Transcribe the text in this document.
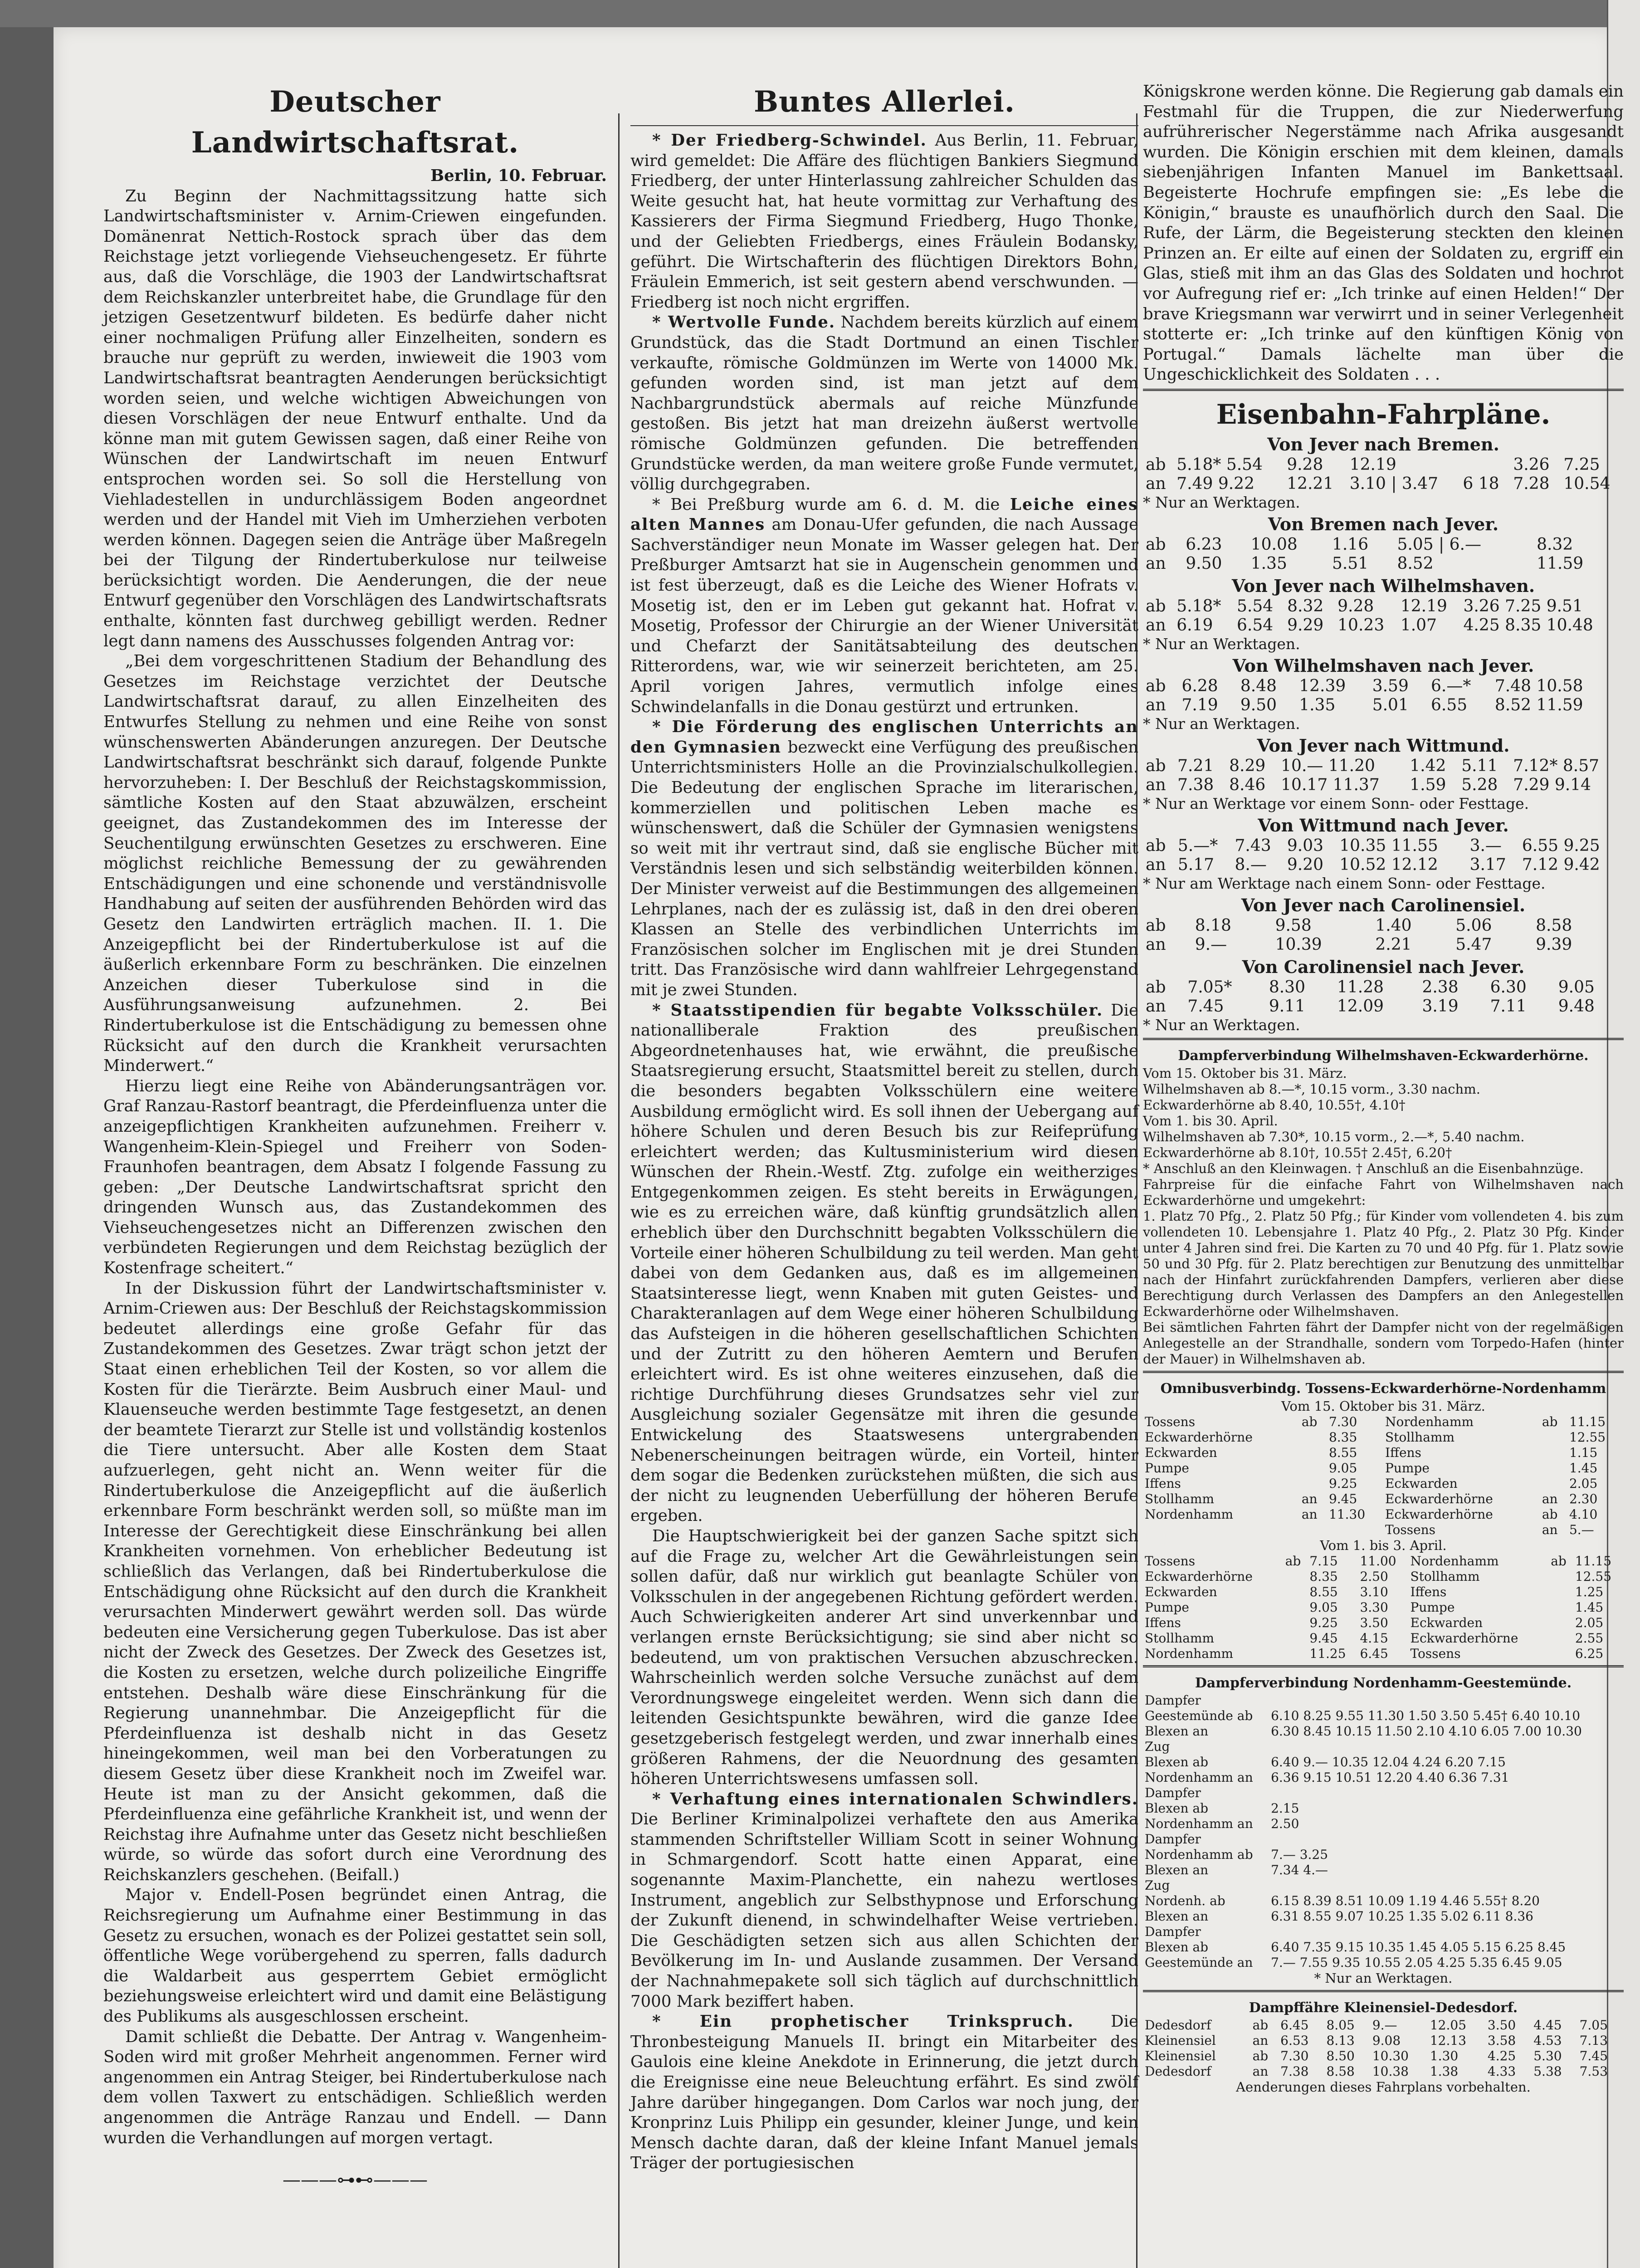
Deutscher Landwirtschaftsrat.

Berlin, 10. Februar.

Zu Beginn der Nachmittagssitzung hatte sich Landwirtschaftsminister v. Arnim-Criewen eingefunden. Domänenrat Nettich-Rostock sprach über das dem Reichstage jetzt vorliegende Viehseuchengesetz. Er führte aus, daß die Vorschläge, die 1903 der Landwirtschaftsrat dem Reichskanzler unterbreitet habe, die Grundlage für den jetzigen Gesetzentwurf bildeten. Es bedürfe daher nicht einer nochmaligen Prüfung aller Einzelheiten, sondern es brauche nur geprüft zu werden, inwieweit die 1903 vom Landwirtschaftsrat beantragten Aenderungen berücksichtigt worden seien, und welche wichtigen Abweichungen von diesen Vorschlägen der neue Entwurf enthalte. Und da könne man mit gutem Gewissen sagen, daß einer Reihe von Wünschen der Landwirtschaft im neuen Entwurf entsprochen worden sei. So soll die Herstellung von Viehladestellen in undurchlässigem Boden angeordnet werden und der Handel mit Vieh im Umherziehen verboten werden können. Dagegen seien die Anträge über Maßregeln bei der Tilgung der Rindertuberkulose nur teilweise berücksichtigt worden. Die Aenderungen, die der neue Entwurf gegenüber den Vorschlägen des Landwirtschaftsrats enthalte, könnten fast durchweg gebilligt werden. Redner legt dann namens des Ausschusses folgenden Antrag vor:

„Bei dem vorgeschrittenen Stadium der Behandlung des Gesetzes im Reichstage verzichtet der Deutsche Landwirtschaftsrat darauf, zu allen Einzelheiten des Entwurfes Stellung zu nehmen und eine Reihe von sonst wünschenswerten Abänderungen anzuregen. Der Deutsche Landwirtschaftsrat beschränkt sich darauf, folgende Punkte hervorzuheben: I. Der Beschluß der Reichstagskommission, sämtliche Kosten auf den Staat abzuwälzen, erscheint geeignet, das Zustandekommen des im Interesse der Seuchentilgung erwünschten Gesetzes zu erschweren. Eine möglichst reichliche Bemessung der zu gewährenden Entschädigungen und eine schonende und verständnisvolle Handhabung auf seiten der ausführenden Behörden wird das Gesetz den Landwirten erträglich machen. II. 1. Die Anzeigepflicht bei der Rindertuberkulose ist auf die äußerlich erkennbare Form zu beschränken. Die einzelnen Anzeichen dieser Tuberkulose sind in die Ausführungsanweisung aufzunehmen. 2. Bei Rindertuberkulose ist die Entschädigung zu bemessen ohne Rücksicht auf den durch die Krankheit verursachten Minderwert.“

Hierzu liegt eine Reihe von Abänderungsanträgen vor. Graf Ranzau-Rastorf beantragt, die Pferdeinfluenza unter die anzeigepflichtigen Krankheiten aufzunehmen. Freiherr v. Wangenheim-Klein-Spiegel und Freiherr von Soden-Fraunhofen beantragen, dem Absatz I folgende Fassung zu geben: „Der Deutsche Landwirtschaftsrat spricht den dringenden Wunsch aus, das Zustandekommen des Viehseuchengesetzes nicht an Differenzen zwischen den verbündeten Regierungen und dem Reichstag bezüglich der Kostenfrage scheitert.“

In der Diskussion führt der Landwirtschaftsminister v. Arnim-Criewen aus: Der Beschluß der Reichstagskommission bedeutet allerdings eine große Gefahr für das Zustandekommen des Gesetzes. Zwar trägt schon jetzt der Staat einen erheblichen Teil der Kosten, so vor allem die Kosten für die Tierärzte. Beim Ausbruch einer Maul- und Klauenseuche werden bestimmte Tage festgesetzt, an denen der beamtete Tierarzt zur Stelle ist und vollständig kostenlos die Tiere untersucht. Aber alle Kosten dem Staat aufzuerlegen, geht nicht an. Wenn weiter für die Rindertuberkulose die Anzeigepflicht auf die äußerlich erkennbare Form beschränkt werden soll, so müßte man im Interesse der Gerechtigkeit diese Einschränkung bei allen Krankheiten vornehmen. Von erheblicher Bedeutung ist schließlich das Verlangen, daß bei Rindertuberkulose die Entschädigung ohne Rücksicht auf den durch die Krankheit verursachten Minderwert gewährt werden soll. Das würde bedeuten eine Versicherung gegen Tuberkulose. Das ist aber nicht der Zweck des Gesetzes. Der Zweck des Gesetzes ist, die Kosten zu ersetzen, welche durch polizeiliche Eingriffe entstehen. Deshalb wäre diese Einschränkung für die Regierung unannehmbar. Die Anzeigepflicht für die Pferdeinfluenza ist deshalb nicht in das Gesetz hineingekommen, weil man bei den Vorberatungen zu diesem Gesetz über diese Krankheit noch im Zweifel war. Heute ist man zu der Ansicht gekommen, daß die Pferdeinfluenza eine gefährliche Krankheit ist, und wenn der Reichstag ihre Aufnahme unter das Gesetz nicht beschließen würde, so würde das sofort durch eine Verordnung des Reichskanzlers geschehen. (Beifall.)

Major v. Endell-Posen begründet einen Antrag, die Reichsregierung um Aufnahme einer Bestimmung in das Gesetz zu ersuchen, wonach es der Polizei gestattet sein soll, öffentliche Wege vorübergehend zu sperren, falls dadurch die Waldarbeit aus gesperrtem Gebiet ermöglicht beziehungsweise erleichtert wird und damit eine Belästigung des Publikums als ausgeschlossen erscheint.

Damit schließt die Debatte. Der Antrag v. Wangenheim-Soden wird mit großer Mehrheit angenommen. Ferner wird angenommen ein Antrag Steiger, bei Rindertuberkulose nach dem vollen Taxwert zu entschädigen. Schließlich werden angenommen die Anträge Ranzau und Endell. — Dann wurden die Verhandlungen auf morgen vertagt.

———⊶⊷———
Buntes Allerlei.

* Der Friedberg-Schwindel. Aus Berlin, 11. Februar, wird gemeldet: Die Affäre des flüchtigen Bankiers Siegmund Friedberg, der unter Hinterlassung zahlreicher Schulden das Weite gesucht hat, hat heute vormittag zur Verhaftung des Kassierers der Firma Siegmund Friedberg, Hugo Thonke, und der Geliebten Friedbergs, eines Fräulein Bodansky, geführt. Die Wirtschafterin des flüchtigen Direktors Bohn, Fräulein Emmerich, ist seit gestern abend verschwunden. — Friedberg ist noch nicht ergriffen.

* Wertvolle Funde. Nachdem bereits kürzlich auf einem Grundstück, das die Stadt Dortmund an einen Tischler verkaufte, römische Goldmünzen im Werte von 14000 Mk. gefunden worden sind, ist man jetzt auf dem Nachbargrundstück abermals auf reiche Münzfunde gestoßen. Bis jetzt hat man dreizehn äußerst wertvolle römische Goldmünzen gefunden. Die betreffenden Grundstücke werden, da man weitere große Funde vermutet, völlig durchgegraben.

* Bei Preßburg wurde am 6. d. M. die Leiche eines alten Mannes am Donau-Ufer gefunden, die nach Aussage Sachverständiger neun Monate im Wasser gelegen hat. Der Preßburger Amtsarzt hat sie in Augenschein genommen und ist fest überzeugt, daß es die Leiche des Wiener Hofrats v. Mosetig ist, den er im Leben gut gekannt hat. Hofrat v. Mosetig, Professor der Chirurgie an der Wiener Universität und Chefarzt der Sanitätsabteilung des deutschen Ritterordens, war, wie wir seinerzeit berichteten, am 25. April vorigen Jahres, vermutlich infolge eines Schwindelanfalls in die Donau gestürzt und ertrunken.

* Die Förderung des englischen Unterrichts an den Gymnasien bezweckt eine Verfügung des preußischen Unterrichtsministers Holle an die Provinzialschulkollegien. Die Bedeutung der englischen Sprache im literarischen, kommerziellen und politischen Leben mache es wünschenswert, daß die Schüler der Gymnasien wenigstens so weit mit ihr vertraut sind, daß sie englische Bücher mit Verständnis lesen und sich selbständig weiterbilden können. Der Minister verweist auf die Bestimmungen des allgemeinen Lehrplanes, nach der es zulässig ist, daß in den drei oberen Klassen an Stelle des verbindlichen Unterrichts im Französischen solcher im Englischen mit je drei Stunden tritt. Das Französische wird dann wahlfreier Lehrgegenstand mit je zwei Stunden.

* Staatsstipendien für begabte Volksschüler. Die nationalliberale Fraktion des preußischen Abgeordnetenhauses hat, wie erwähnt, die preußische Staatsregierung ersucht, Staatsmittel bereit zu stellen, durch die besonders begabten Volksschülern eine weitere Ausbildung ermöglicht wird. Es soll ihnen der Uebergang auf höhere Schulen und deren Besuch bis zur Reifeprüfung erleichtert werden; das Kultusministerium wird diesen Wünschen der Rhein.-Westf. Ztg. zufolge ein weitherziges Entgegenkommen zeigen. Es steht bereits in Erwägungen, wie es zu erreichen wäre, daß künftig grundsätzlich allen erheblich über den Durchschnitt begabten Volksschülern die Vorteile einer höheren Schulbildung zu teil werden. Man geht dabei von dem Gedanken aus, daß es im allgemeinen Staatsinteresse liegt, wenn Knaben mit guten Geistes- und Charakteranlagen auf dem Wege einer höheren Schulbildung das Aufsteigen in die höheren gesellschaftlichen Schichten und der Zutritt zu den höheren Aemtern und Berufen erleichtert wird. Es ist ohne weiteres einzusehen, daß die richtige Durchführung dieses Grundsatzes sehr viel zur Ausgleichung sozialer Gegensätze mit ihren die gesunde Entwickelung des Staatswesens untergrabenden Nebenerscheinungen beitragen würde, ein Vorteil, hinter dem sogar die Bedenken zurückstehen müßten, die sich aus der nicht zu leugnenden Ueberfüllung der höheren Berufe ergeben.

Die Hauptschwierigkeit bei der ganzen Sache spitzt sich auf die Frage zu, welcher Art die Gewährleistungen sein sollen dafür, daß nur wirklich gut beanlagte Schüler von Volksschulen in der angegebenen Richtung gefördert werden. Auch Schwierigkeiten anderer Art sind unverkennbar und verlangen ernste Berücksichtigung; sie sind aber nicht so bedeutend, um von praktischen Versuchen abzuschrecken. Wahrscheinlich werden solche Versuche zunächst auf dem Verordnungswege eingeleitet werden. Wenn sich dann die leitenden Gesichtspunkte bewähren, wird die ganze Idee gesetzgeberisch festgelegt werden, und zwar innerhalb eines größeren Rahmens, der die Neuordnung des gesamten höheren Unterrichtswesens umfassen soll.

* Verhaftung eines internationalen Schwindlers. Die Berliner Kriminalpolizei verhaftete den aus Amerika stammenden Schriftsteller William Scott in seiner Wohnung in Schmargendorf. Scott hatte einen Apparat, eine sogenannte Maxim-Planchette, ein nahezu wertloses Instrument, angeblich zur Selbsthypnose und Erforschung der Zukunft dienend, in schwindelhafter Weise vertrieben. Die Geschädigten setzen sich aus allen Schichten der Bevölkerung im In- und Auslande zusammen. Der Versand der Nachnahmepakete soll sich täglich auf durchschnittlich 7000 Mark beziffert haben.

* Ein prophetischer Trinkspruch. Die Thronbesteigung Manuels II. bringt ein Mitarbeiter des Gaulois eine kleine Anekdote in Erinnerung, die jetzt durch die Ereignisse eine neue Beleuchtung erfährt. Es sind zwölf Jahre darüber hingegangen. Dom Carlos war noch jung, der Kronprinz Luis Philipp ein gesunder, kleiner Junge, und kein Mensch dachte daran, daß der kleine Infant Manuel jemals Träger der portugiesischen

Königskrone werden könne. Die Regierung gab damals ein Festmahl für die Truppen, die zur Niederwerfung aufrührerischer Negerstämme nach Afrika ausgesandt wurden. Die Königin erschien mit dem kleinen, damals siebenjährigen Infanten Manuel im Bankettsaal. Begeisterte Hochrufe empfingen sie: „Es lebe die Königin,“ brauste es unaufhörlich durch den Saal. Die Rufe, der Lärm, die Begeisterung steckten den kleinen Prinzen an. Er eilte auf einen der Soldaten zu, ergriff ein Glas, stieß mit ihm an das Glas des Soldaten und hochrot vor Aufregung rief er: „Ich trinke auf einen Helden!“ Der brave Kriegsmann war verwirrt und in seiner Verlegenheit stotterte er: „Ich trinke auf den künftigen König von Portugal.“ Damals lächelte man über die Ungeschicklichkeit des Soldaten . . .

Eisenbahn-Fahrpläne.
Von Jever nach Bremen.
ab	5.18* 5.54	9.28	12.19		3.26	7.25
an	7.49 9.22	12.21	3.10 | 3.47	6 18	7.28	10.54
* Nur an Werktagen.
Von Bremen nach Jever.
ab	6.23	10.08	1.16	5.05 | 6.—	8.32	
an	9.50	1.35	5.51	8.52	11.59	
Von Jever nach Wilhelmshaven.
ab	5.18*	5.54	8.32	9.28	12.19	3.26 7.25 9.51
an	6.19	6.54	9.29	10.23	1.07	4.25 8.35 10.48
* Nur an Werktagen.
Von Wilhelmshaven nach Jever.
ab	6.28	8.48	12.39	3.59	6.—*	7.48 10.58
an	7.19	9.50	1.35	5.01	6.55	8.52 11.59
* Nur an Werktagen.
Von Jever nach Wittmund.
ab	7.21	8.29	10.— 11.20	1.42	5.11	7.12* 8.57
an	7.38	8.46	10.17 11.37	1.59	5.28	7.29 9.14
* Nur an Werktage vor einem Sonn- oder Festtage.
Von Wittmund nach Jever.
ab	5.—*	7.43	9.03	10.35 11.55	3.—	6.55 9.25
an	5.17	8.—	9.20	10.52 12.12	3.17	7.12 9.42
* Nur am Werktage nach einem Sonn- oder Festtage.
Von Jever nach Carolinensiel.
ab	8.18	9.58	1.40	5.06	8.58	
an	9.—	10.39	2.21	5.47	9.39	
Von Carolinensiel nach Jever.
ab	7.05*	8.30	11.28	2.38	6.30	9.05
an	7.45	9.11	12.09	3.19	7.11	9.48
* Nur an Werktagen.
Dampferverbindung Wilhelmshaven-Eckwarderhörne.
Vom 15. Oktober bis 31. März.
Wilhelmshaven ab 8.—*, 10.15 vorm., 3.30 nachm.
Eckwarderhörne ab 8.40, 10.55†, 4.10†
Vom 1. bis 30. April.
Wilhelmshaven ab 7.30*, 10.15 vorm., 2.—*, 5.40 nachm.
Eckwarderhörne ab 8.10†, 10.55† 2.45†, 6.20†
* Anschluß an den Kleinwagen. † Anschluß an die Eisenbahnzüge.
Fahrpreise für die einfache Fahrt von Wilhelmshaven nach Eckwarderhörne und umgekehrt:
1. Platz 70 Pfg., 2. Platz 50 Pfg.; für Kinder vom vollendeten 4. bis zum vollendeten 10. Lebensjahre 1. Platz 40 Pfg., 2. Platz 30 Pfg. Kinder unter 4 Jahren sind frei. Die Karten zu 70 und 40 Pfg. für 1. Platz sowie 50 und 30 Pfg. für 2. Platz berechtigen zur Benutzung des unmittelbar nach der Hinfahrt zurückfahrenden Dampfers, verlieren aber diese Berechtigung durch Verlassen des Dampfers an den Anlegestellen Eckwarderhörne oder Wilhelmshaven.
Bei sämtlichen Fahrten fährt der Dampfer nicht von der regelmäßigen Anlegestelle an der Strandhalle, sondern vom Torpedo-Hafen (hinter der Mauer) in Wilhelmshaven ab.
Omnibusverbindg. Tossens-Eckwarderhörne-Nordenhamm
Vom 15. Oktober bis 31. März.
Tossens	ab	7.30	Nordenhamm	ab	11.15
Eckwarderhörne		8.35	Stollhamm		12.55
Eckwarden		8.55	Iffens		1.15
Pumpe		9.05	Pumpe		1.45
Iffens		9.25	Eckwarden		2.05
Stollhamm	an	9.45	Eckwarderhörne	an	2.30
Nordenhamm	an	11.30	Eckwarderhörne	ab	4.10
			Tossens	an	5.—
Vom 1. bis 3. April.
Tossens	ab	7.15	11.00	Nordenhamm	ab	11.15
Eckwarderhörne		8.35	2.50	Stollhamm		12.55
Eckwarden		8.55	3.10	Iffens		1.25
Pumpe		9.05	3.30	Pumpe		1.45
Iffens		9.25	3.50	Eckwarden		2.05
Stollhamm		9.45	4.15	Eckwarderhörne		2.55
Nordenhamm		11.25	6.45	Tossens		6.25
Dampferverbindung Nordenhamm-Geestemünde.
Dampfer	
Geestemünde ab	6.10 8.25 9.55 11.30 1.50 3.50 5.45† 6.40 10.10
Blexen an	6.30 8.45 10.15 11.50 2.10 4.10 6.05 7.00 10.30
Zug	
Blexen ab	6.40 9.— 10.35 12.04 4.24 6.20 7.15
Nordenhamm an	6.36 9.15 10.51 12.20 4.40 6.36 7.31
Dampfer	
Blexen ab	2.15
Nordenhamm an	2.50
Dampfer	
Nordenhamm ab	7.— 3.25
Blexen an	7.34 4.—
Zug	
Nordenh. ab	6.15 8.39 8.51 10.09 1.19 4.46 5.55† 8.20
Blexen an	6.31 8.55 9.07 10.25 1.35 5.02 6.11 8.36
Dampfer	
Blexen ab	6.40 7.35 9.15 10.35 1.45 4.05 5.15 6.25 8.45
Geestemünde an	7.— 7.55 9.35 10.55 2.05 4.25 5.35 6.45 9.05
* Nur an Werktagen.
Dampffähre Kleinensiel-Dedesdorf.
Dedesdorf	ab	6.45	8.05	9.—	12.05	3.50	4.45	7.05
Kleinensiel	an	6.53	8.13	9.08	12.13	3.58	4.53	7.13
Kleinensiel	ab	7.30	8.50	10.30	1.30	4.25	5.30	7.45
Dedesdorf	an	7.38	8.58	10.38	1.38	4.33	5.38	7.53
Aenderungen dieses Fahrplans vorbehalten.
